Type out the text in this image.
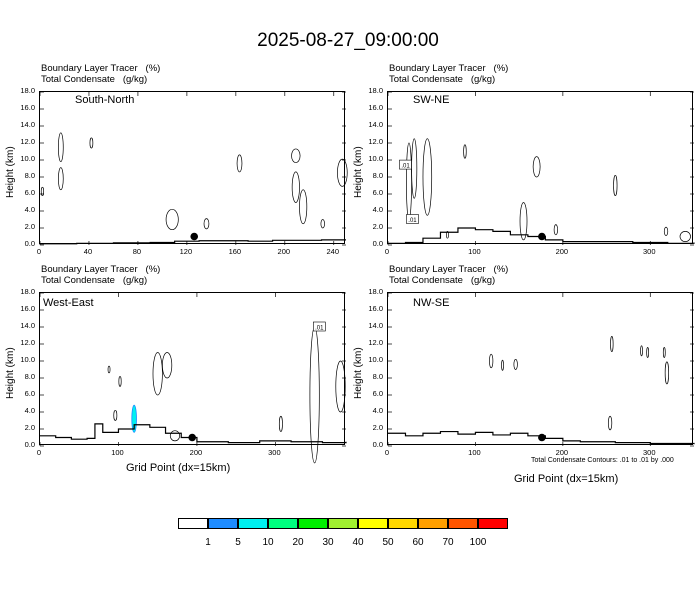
2025-08-27_09:00:00
Boundary Layer Tracer   (%)
Total Condensate   (g/kg)
South-North
0.0
2.0
4.0
6.0
8.0
10.0
12.0
14.0
16.0
18.0
0	40	80	120	160	200	240
Height (km)
Boundary Layer Tracer   (%)
Total Condensate   (g/kg)
.01
.01
SW-NE
0.0
2.0
4.0
6.0
8.0
10.0
12.0
14.0
16.0
18.0
0	100	200	300
Height (km)
Boundary Layer Tracer   (%)
Total Condensate   (g/kg)
.01
West-East
0.0
2.0
4.0
6.0
8.0
10.0
12.0
14.0
16.0
18.0
0	100	200	300
Height (km)
Grid Point (dx=15km)
Boundary Layer Tracer   (%)
Total Condensate   (g/kg)
NW-SE
0.0
2.0
4.0
6.0
8.0
10.0
12.0
14.0
16.0
18.0
0	100	200	300
Height (km)
Grid Point (dx=15km)
Total Condensate Contours: .01 to .01 by .000
1	5	10	20	30	40	50	60	70	100
